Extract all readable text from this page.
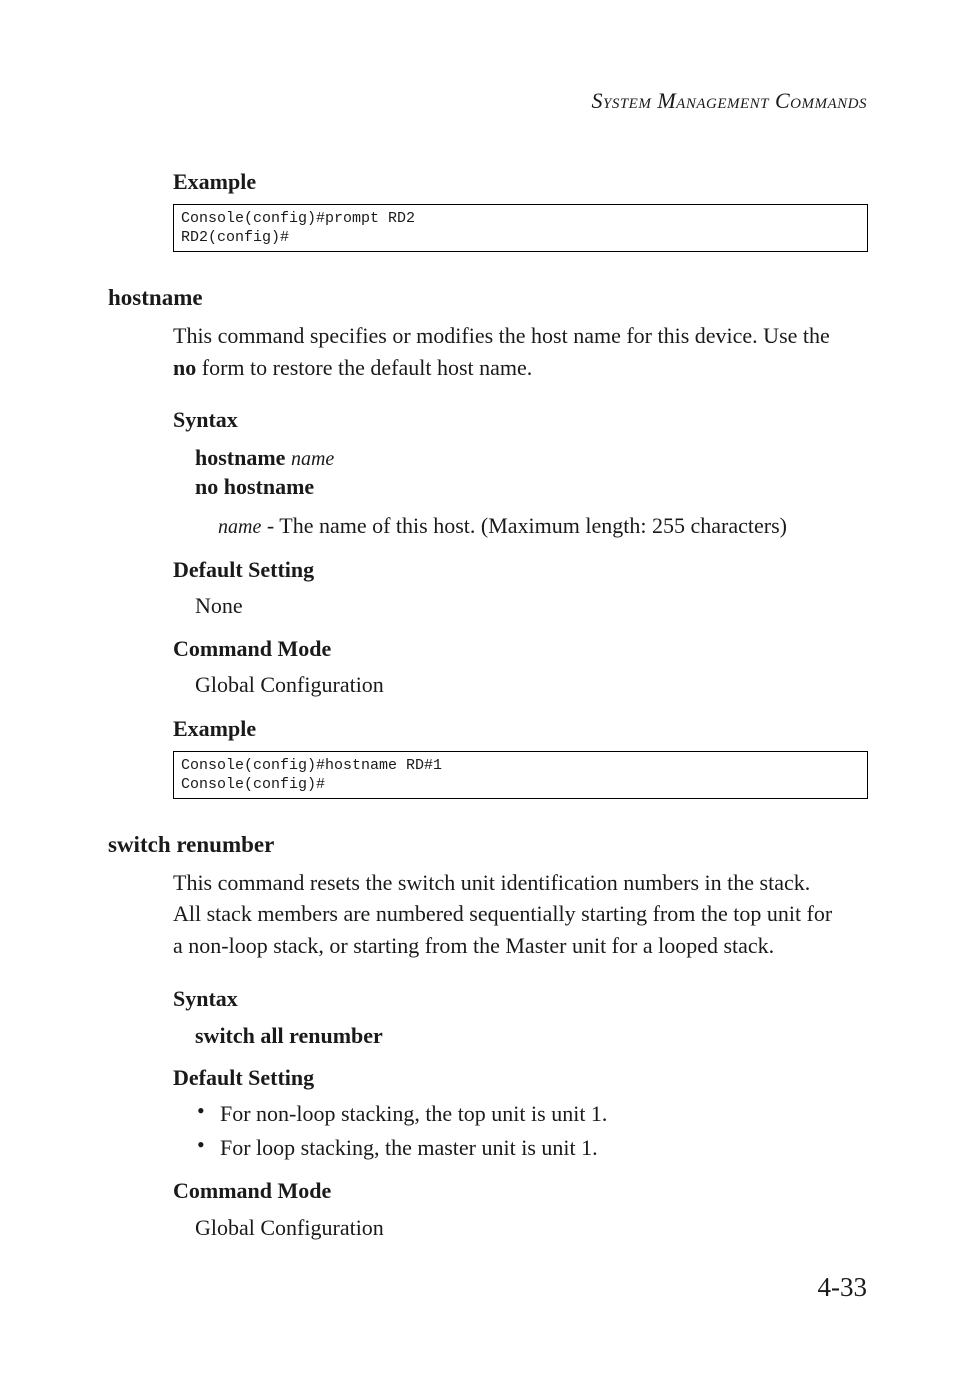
System Management Commands
Example
Console(config)#prompt RD2
RD2(config)#
hostname
This command specifies or modifies the host name for this device. Use the
no form to restore the default host name.
Syntax
hostname name
no hostname
name - The name of this host. (Maximum length: 255 characters)
Default Setting
None
Command Mode
Global Configuration
Example
Console(config)#hostname RD#1
Console(config)#
switch renumber
This command resets the switch unit identification numbers in the stack.
All stack members are numbered sequentially starting from the top unit for
a non-loop stack, or starting from the Master unit for a looped stack.
Syntax
switch all renumber
Default Setting
• For non-loop stacking, the top unit is unit 1.
• For loop stacking, the master unit is unit 1.
Command Mode
Global Configuration
4-33
